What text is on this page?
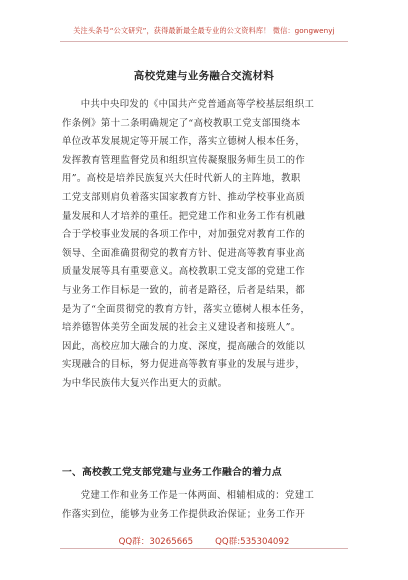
关注头条号“公文研究”，获得最新最全最专业的公文资料库！ 微信：gongwenyj
高校党建与业务融合交流材料
中共中央印发的《中国共产党普通高等学校基层组织工
作条例》第十二条明确规定了“高校教职工党支部围绕本
单位改革发展规定等开展工作，落实立德树人根本任务，
发挥教育管理监督党员和组织宣传凝聚服务师生员工的作
用”。高校是培养民族复兴大任时代新人的主阵地，教职
工党支部则肩负着落实国家教育方针、推动学校事业高质
量发展和人才培养的重任。把党建工作和业务工作有机融
合于学校事业发展的各项工作中，对加强党对教育工作的
领导、全面准确贯彻党的教育方针、促进高等教育事业高
质量发展等具有重要意义。高校教职工党支部的党建工作
与业务工作目标是一致的，前者是路径，后者是结果，都
是为了“全面贯彻党的教育方针，落实立德树人根本任务，
培养德智体美劳全面发展的社会主义建设者和接班人”。
因此，高校应加大融合的力度、深度，提高融合的效能以
实现融合的目标，努力促进高等教育事业的发展与进步，
为中华民族伟大复兴作出更大的贡献。
一、高校教工党支部党建与业务工作融合的着力点
党建工作和业务工作是一体两面、相辅相成的：党建工
作落实到位，能够为业务工作提供政治保证；业务工作开
QQ群：30265665	QQ群:535304092
